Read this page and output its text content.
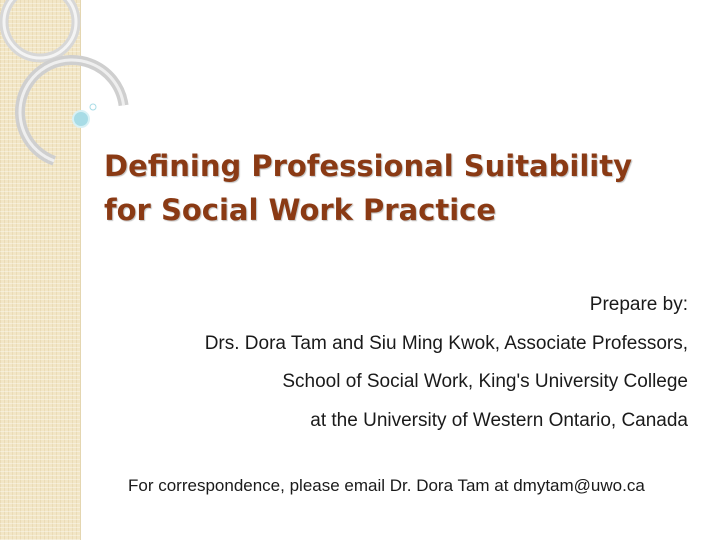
Defining Professional Suitability
for Social Work Practice
Prepare by:
Drs. Dora Tam and Siu Ming Kwok, Associate Professors,
School of Social Work, King's University College
at the University of Western Ontario, Canada
For correspondence, please email Dr. Dora Tam at dmytam@uwo.ca
